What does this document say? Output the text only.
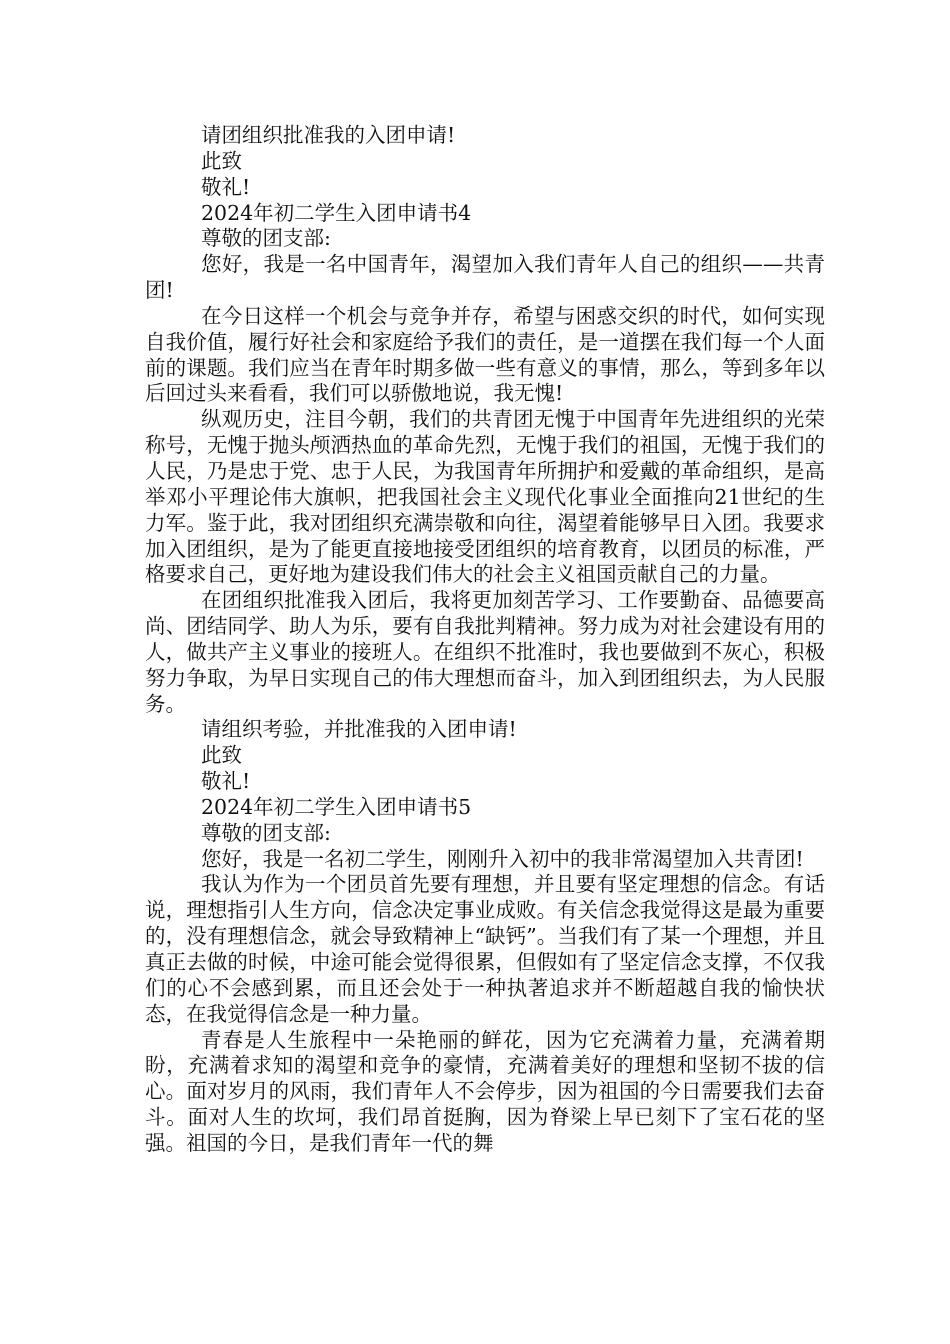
请团组织批准我的入团申请!

此致

敬礼!

2024年初二学生入团申请书4

尊敬的团支部:

您好，我是一名中国青年，渴望加入我们青年人自己的组织——共青团!

在今日这样一个机会与竞争并存，希望与困惑交织的时代，如何实现自我价值，履行好社会和家庭给予我们的责任，是一道摆在我们每一个人面前的课题。我们应当在青年时期多做一些有意义的事情，那么，等到多年以后回过头来看看，我们可以骄傲地说，我无愧!

纵观历史，注目今朝，我们的共青团无愧于中国青年先进组织的光荣称号，无愧于抛头颅洒热血的革命先烈，无愧于我们的祖国，无愧于我们的人民，乃是忠于党、忠于人民，为我国青年所拥护和爱戴的革命组织，是高举邓小平理论伟大旗帜，把我国社会主义现代化事业全面推向21世纪的生力军。鉴于此，我对团组织充满崇敬和向往，渴望着能够早日入团。我要求加入团组织，是为了能更直接地接受团组织的培育教育，以团员的标准，严格要求自己，更好地为建设我们伟大的社会主义祖国贡献自己的力量。

在团组织批准我入团后，我将更加刻苦学习、工作要勤奋、品德要高尚、团结同学、助人为乐，要有自我批判精神。努力成为对社会建设有用的人，做共产主义事业的接班人。在组织不批准时，我也要做到不灰心，积极努力争取，为早日实现自己的伟大理想而奋斗，加入到团组织去，为人民服务。

请组织考验，并批准我的入团申请!

此致

敬礼!

2024年初二学生入团申请书5

尊敬的团支部:

您好，我是一名初二学生，刚刚升入初中的我非常渴望加入共青团!

我认为作为一个团员首先要有理想，并且要有坚定理想的信念。有话说，理想指引人生方向，信念决定事业成败。有关信念我觉得这是最为重要的，没有理想信念，就会导致精神上“缺钙”。当我们有了某一个理想，并且真正去做的时候，中途可能会觉得很累，但假如有了坚定信念支撑，不仅我们的心不会感到累，而且还会处于一种执著追求并不断超越自我的愉快状态，在我觉得信念是一种力量。

青春是人生旅程中一朵艳丽的鲜花，因为它充满着力量，充满着期盼，充满着求知的渴望和竞争的豪情，充满着美好的理想和坚韧不拔的信心。面对岁月的风雨，我们青年人不会停步，因为祖国的今日需要我们去奋斗。面对人生的坎坷，我们昂首挺胸，因为脊梁上早已刻下了宝石花的坚强。祖国的今日，是我们青年一代的舞
